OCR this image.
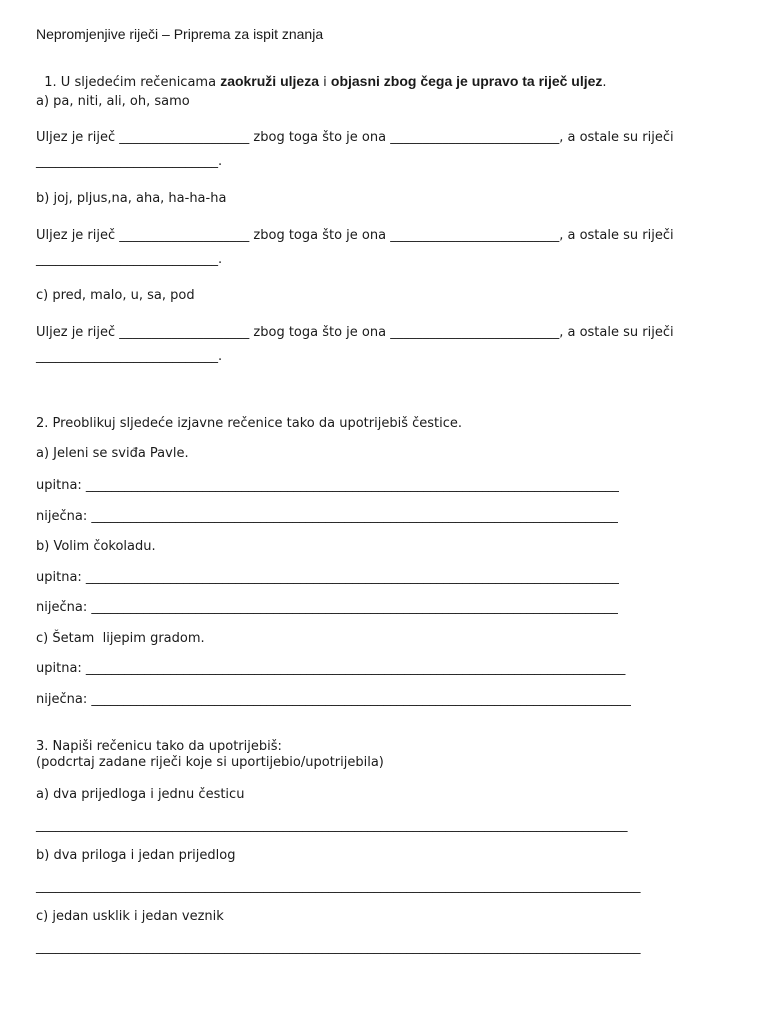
Nepromjenjive riječi – Priprema za ispit znanja

1. U sljedećim rečenicama zaokruži uljeza i objasni zbog čega je upravo ta riječ uljez.

a) pa, niti, ali, oh, samo
Uljez je riječ ____________________ zbog toga što je ona __________________________, a ostale su riječi
____________________________.
b) joj, pljus,na, aha, ha-ha-ha
Uljez je riječ ____________________ zbog toga što je ona __________________________, a ostale su riječi
____________________________.
c) pred, malo, u, sa, pod
Uljez je riječ ____________________ zbog toga što je ona __________________________, a ostale su riječi
____________________________.
2. Preoblikuj sljedeće izjavne rečenice tako da upotrijebiš čestice.
a) Jeleni se sviđa Pavle.
upitna: __________________________________________________________________________________
niječna: _________________________________________________________________________________
b) Volim čokoladu.
upitna: __________________________________________________________________________________
niječna: _________________________________________________________________________________
c) Šetam  lijepim gradom.
upitna: ___________________________________________________________________________________
niječna: ___________________________________________________________________________________
3. Napiši rečenicu tako da upotrijebiš:
(podcrtaj zadane riječi koje si uportijebio/upotrijebila)
a) dva prijedloga i jednu česticu
___________________________________________________________________________________________
b) dva priloga i jedan prijedlog
_____________________________________________________________________________________________
c) jedan usklik i jedan veznik
_____________________________________________________________________________________________
